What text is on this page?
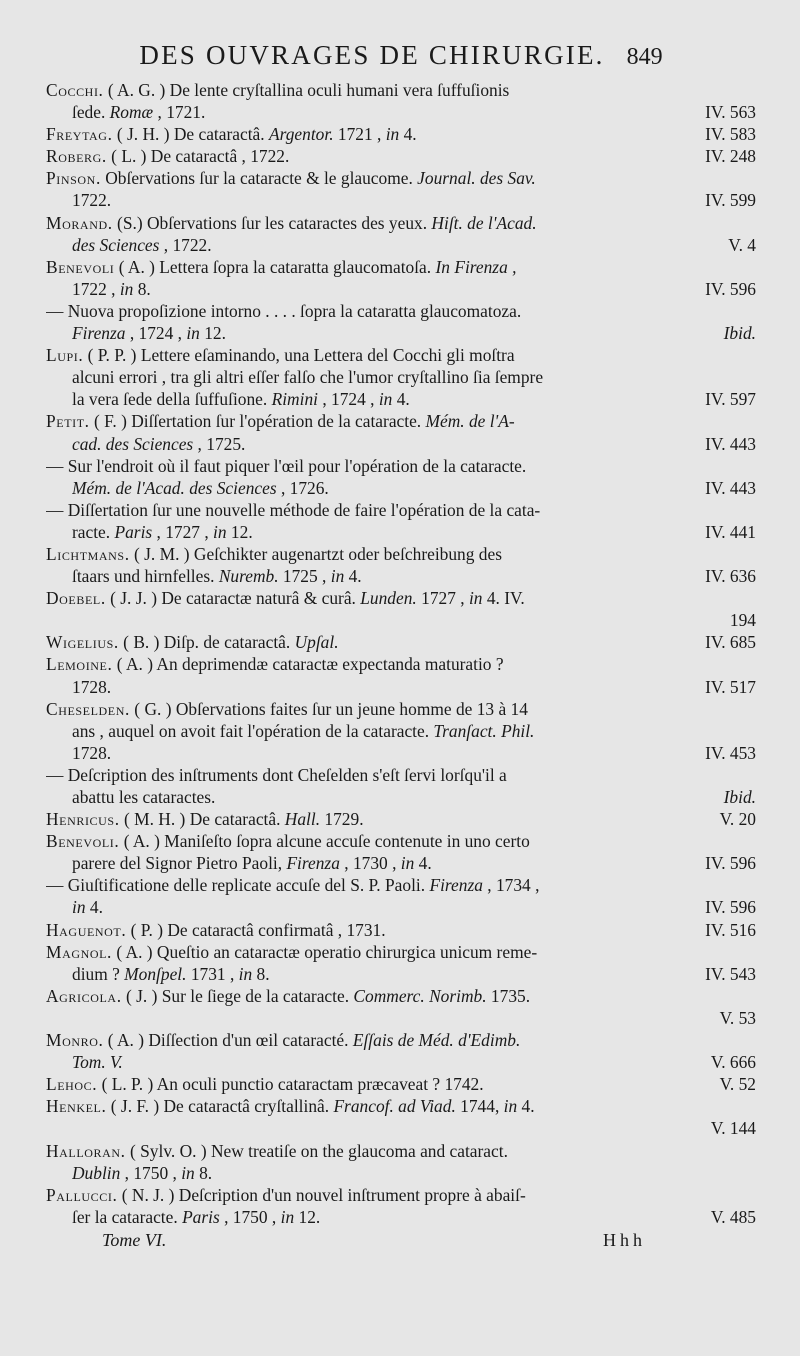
DES OUVRAGES DE CHIRURGIE. 849
Cocchi. ( A. G. ) De lente cryſtallina oculi humani vera ſuffuſionis
ſede. Romæ , 1721.	IV. 563
Freytag. ( J. H. ) De cataractâ. Argentor. 1721 , in 4.	IV. 583
Roberg. ( L. ) De cataractâ , 1722.	IV. 248
Pinson. Obſervations ſur la cataracte & le glaucome. Journal. des Sav.
1722.	IV. 599
Morand. (S.) Obſervations ſur les cataractes des yeux. Hiſt. de l'Acad.
des Sciences , 1722.	V. 4
Benevoli ( A. ) Lettera ſopra la cataratta glaucomatoſa. In Firenza ,
1722 , in 8.	IV. 596
— Nuova propoſizione intorno . . . . ſopra la cataratta glaucomatoza.
Firenza , 1724 , in 12.	Ibid.
Lupi. ( P. P. ) Lettere eſaminando, una Lettera del Cocchi gli moſtra
alcuni errori , tra gli altri eſſer falſo che l'umor cryſtallino ſia ſempre
la vera ſede della ſuffuſione. Rimini , 1724 , in 4.	IV. 597
Petit. ( F. ) Diſſertation ſur l'opération de la cataracte. Mém. de l'A-
cad. des Sciences , 1725.	IV. 443
— Sur l'endroit où il faut piquer l'œil pour l'opération de la cataracte.
Mém. de l'Acad. des Sciences , 1726.	IV. 443
— Diſſertation ſur une nouvelle méthode de faire l'opération de la cata-
racte. Paris , 1727 , in 12.	IV. 441
Lichtmans. ( J. M. ) Geſchikter augenartzt oder beſchreibung des
ſtaars und hirnfelles. Nuremb. 1725 , in 4.	IV. 636
Doebel. ( J. J. ) De cataractæ naturâ & curâ. Lunden. 1727 , in 4. IV.
194
Wigelius. ( B. ) Diſp. de cataractâ. Upſal.	IV. 685
Lemoine. ( A. ) An deprimendæ cataractæ expectanda maturatio ?
1728.	IV. 517
Cheselden. ( G. ) Obſervations faites ſur un jeune homme de 13 à 14
ans , auquel on avoit fait l'opération de la cataracte. Tranſact. Phil.
1728.	IV. 453
— Deſcription des inſtruments dont Cheſelden s'eſt ſervi lorſqu'il a
abattu les cataractes.	Ibid.
Henricus. ( M. H. ) De cataractâ. Hall. 1729.	V. 20
Benevoli. ( A. ) Maniſeſto ſopra alcune accuſe contenute in uno certo
parere del Signor Pietro Paoli, Firenza , 1730 , in 4.	IV. 596
— Giuſtificatione delle replicate accuſe del S. P. Paoli. Firenza , 1734 ,
in 4.	IV. 596
Haguenot. ( P. ) De cataractâ confirmatâ , 1731.	IV. 516
Magnol. ( A. ) Queſtio an cataractæ operatio chirurgica unicum reme-
dium ? Monſpel. 1731 , in 8.	IV. 543
Agricola. ( J. ) Sur le ſiege de la cataracte. Commerc. Norimb. 1735.
V. 53
Monro. ( A. ) Diſſection d'un œil cataracté. Eſſais de Méd. d'Edimb.
Tom. V.	V. 666
Lehoc. ( L. P. ) An oculi punctio cataractam præcaveat ? 1742.	V. 52
Henkel. ( J. F. ) De cataractâ cryſtallinâ. Francof. ad Viad. 1744, in 4.
V. 144
Halloran. ( Sylv. O. ) New treatiſe on the glaucoma and cataract.
Dublin , 1750 , in 8.
Pallucci. ( N. J. ) Deſcription d'un nouvel inſtrument propre à abaiſ-
ſer la cataracte. Paris , 1750 , in 12.	V. 485
Tome VI.	Hhh
